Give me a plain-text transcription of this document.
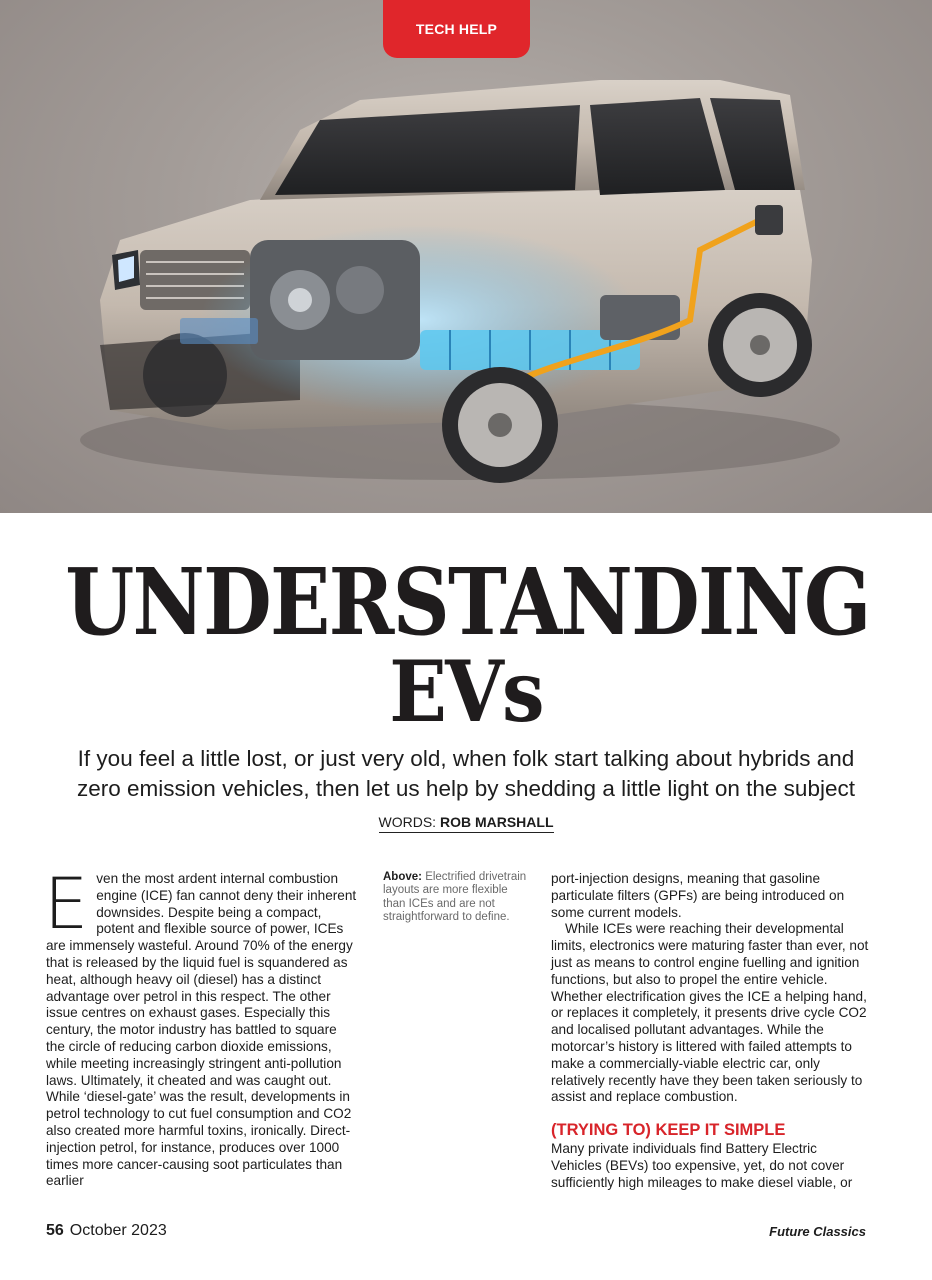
TECH HELP
UNDERSTANDING
EVs
If you feel a little lost, or just very old, when folk start talking about hybrids and
zero emission vehicles, then let us help by shedding a little light on the subject
WORDS: ROB MARSHALL
Even the most ardent internal combustion engine (ICE) fan cannot deny their inherent downsides. Despite being a compact, potent and flexible source of power, ICEs are immensely wasteful. Around 70% of the energy that is released by the liquid fuel is squandered as heat, although heavy oil (diesel) has a distinct advantage over petrol in this respect. The other issue centres on exhaust gases. Especially this century, the motor industry has battled to square the circle of reducing carbon dioxide emissions, while meeting increasingly stringent anti-pollution laws. Ultimately, it cheated and was caught out. While ‘diesel-gate’ was the result, developments in petrol technology to cut fuel consumption and CO2 also created more harmful toxins, ironically. Direct-injection petrol, for instance, produces over 1000 times more cancer-causing soot particulates than earlier
Above: Electrified drivetrain layouts are more flexible than ICEs and are not straightforward to define.

port-injection designs, meaning that gasoline particulate filters (GPFs) are being introduced on some current models.

While ICEs were reaching their developmental limits, electronics were maturing faster than ever, not just as means to control engine fuelling and ignition functions, but also to propel the entire vehicle. Whether electrification gives the ICE a helping hand, or replaces it completely, it presents drive cycle CO2 and localised pollutant advantages. While the motorcar’s history is littered with failed attempts to make a commercially-viable electric car, only relatively recently have they been taken seriously to assist and replace combustion.

(TRYING TO) KEEP IT SIMPLE

Many private individuals find Battery Electric Vehicles (BEVs) too expensive, yet, do not cover sufficiently high mileages to make diesel viable, or

56 October 2023	Future Classics
